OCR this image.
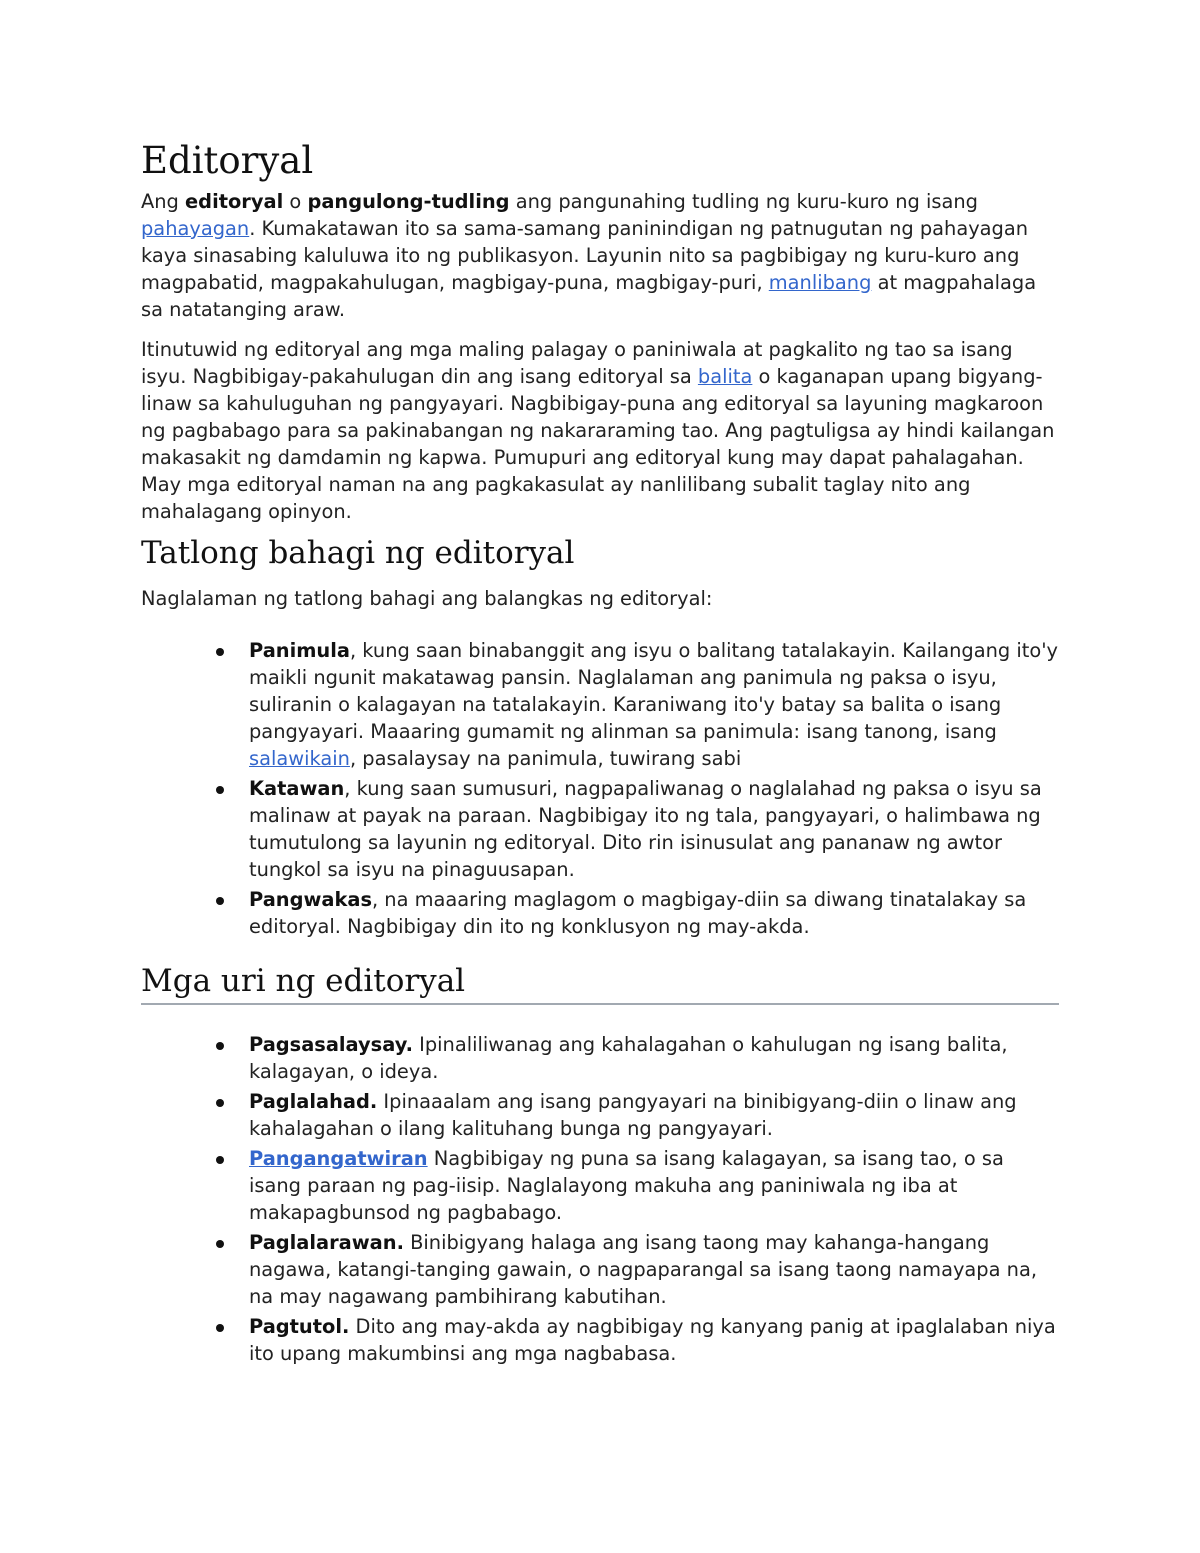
Editoryal

Ang editoryal o pangulong-tudling ang pangunahing tudling ng kuru-kuro ng isang pahayagan. Kumakatawan ito sa sama-samang paninindigan ng patnugutan ng pahayagan kaya sinasabing kaluluwa ito ng publikasyon. Layunin nito sa pagbibigay ng kuru-kuro ang magpabatid, magpakahulugan, magbigay-puna, magbigay-puri, manlibang at magpahalaga sa natatanging araw.

Itinutuwid ng editoryal ang mga maling palagay o paniniwala at pagkalito ng tao sa isang isyu. Nagbibigay-pakahulugan din ang isang editoryal sa balita o kaganapan upang bigyang-linaw sa kahuluguhan ng pangyayari. Nagbibigay-puna ang editoryal sa layuning magkaroon ng pagbabago para sa pakinabangan ng nakararaming tao. Ang pagtuligsa ay hindi kailangan makasakit ng damdamin ng kapwa. Pumupuri ang editoryal kung may dapat pahalagahan. May mga editoryal naman na ang pagkakasulat ay nanlilibang subalit taglay nito ang mahalagang opinyon.

Tatlong bahagi ng editoryal

Naglalaman ng tatlong bahagi ang balangkas ng editoryal:

Panimula, kung saan binabanggit ang isyu o balitang tatalakayin. Kailangang ito'y maikli ngunit makatawag pansin. Naglalaman ang panimula ng paksa o isyu, suliranin o kalagayan na tatalakayin. Karaniwang ito'y batay sa balita o isang pangyayari. Maaaring gumamit ng alinman sa panimula: isang tanong, isang salawikain, pasalaysay na panimula, tuwirang sabi
Katawan, kung saan sumusuri, nagpapaliwanag o naglalahad ng paksa o isyu sa malinaw at payak na paraan. Nagbibigay ito ng tala, pangyayari, o halimbawa ng tumutulong sa layunin ng editoryal. Dito rin isinusulat ang pananaw ng awtor tungkol sa isyu na pinaguusapan.
Pangwakas, na maaaring maglagom o magbigay-diin sa diwang tinatalakay sa editoryal. Nagbibigay din ito ng konklusyon ng may-akda.
Mga uri ng editoryal
Pagsasalaysay. Ipinaliliwanag ang kahalagahan o kahulugan ng isang balita, kalagayan, o ideya.
Paglalahad. Ipinaaalam ang isang pangyayari na binibigyang-diin o linaw ang kahalagahan o ilang kalituhang bunga ng pangyayari.
Pangangatwiran Nagbibigay ng puna sa isang kalagayan, sa isang tao, o sa isang paraan ng pag-iisip. Naglalayong makuha ang paniniwala ng iba at makapagbunsod ng pagbabago.
Paglalarawan. Binibigyang halaga ang isang taong may kahanga-hangang nagawa, katangi-tanging gawain, o nagpaparangal sa isang taong namayapa na, na may nagawang pambihirang kabutihan.
Pagtutol. Dito ang may-akda ay nagbibigay ng kanyang panig at ipaglalaban niya ito upang makumbinsi ang mga nagbabasa.
